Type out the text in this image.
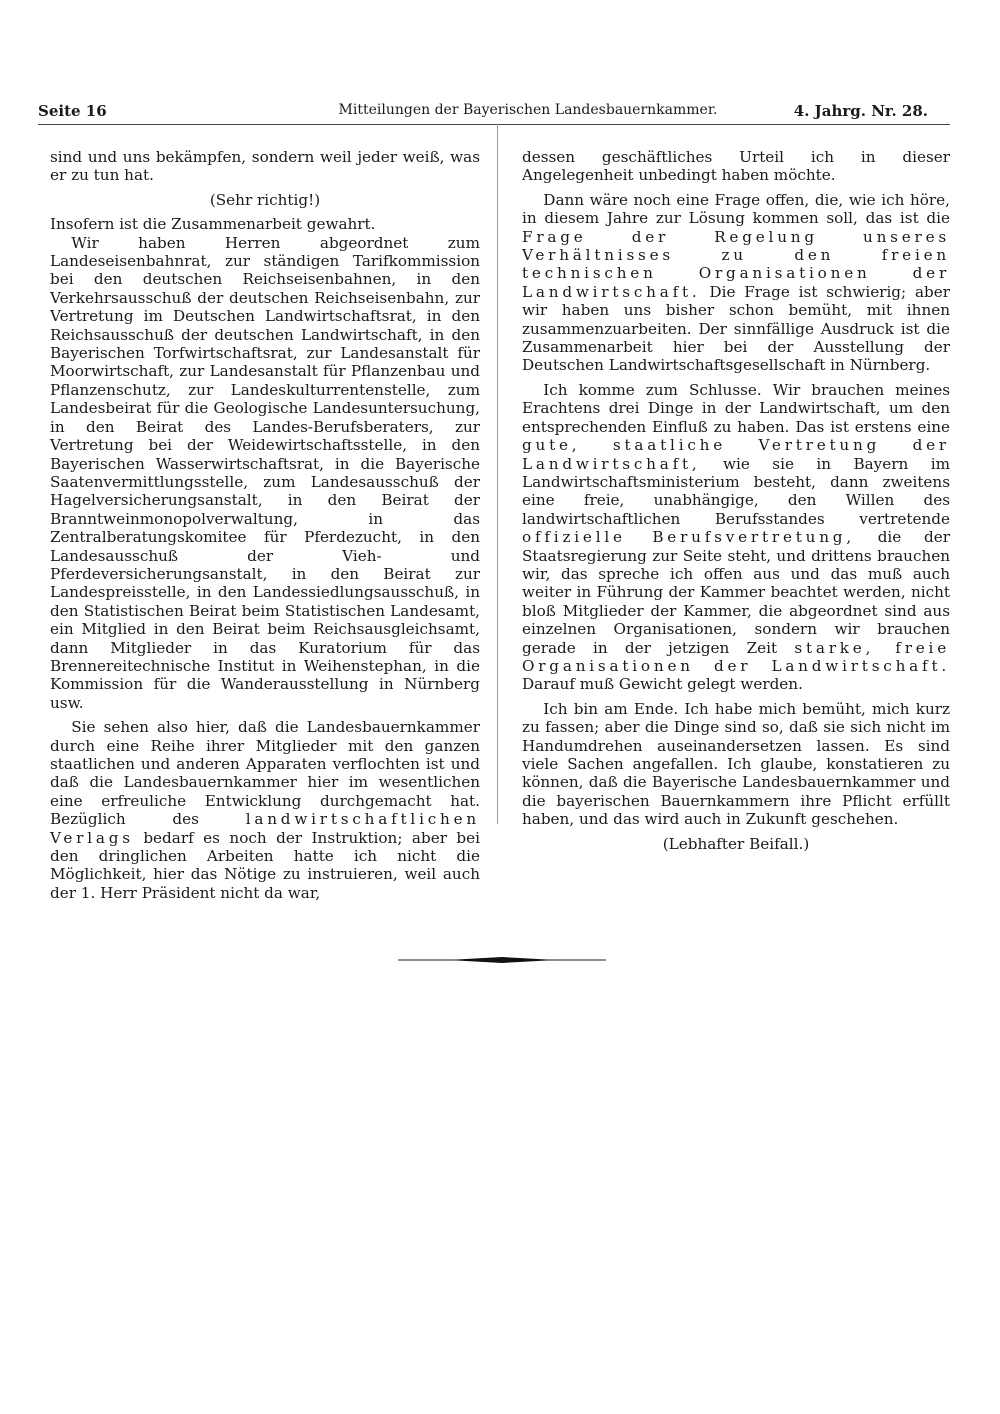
Seite 16	Mitteilungen der Bayerischen Landesbauernkammer.	4. Jahrg. Nr. 28.

sind und uns bekämpfen, sondern weil jeder weiß, was er zu tun hat.

(Sehr richtig!)

Insofern ist die Zusammenarbeit gewahrt.

Wir haben Herren abgeordnet zum Landeseisenbahnrat, zur ständigen Tarifkommission bei den deutschen Reichseisenbahnen, in den Verkehrsausschuß der deutschen Reichseisenbahn, zur Vertretung im Deutschen Landwirtschaftsrat, in den Reichsausschuß der deutschen Landwirtschaft, in den Bayerischen Torfwirtschaftsrat, zur Landesanstalt für Moorwirtschaft, zur Landesanstalt für Pflanzenbau und Pflanzenschutz, zur Landeskulturrentenstelle, zum Landesbeirat für die Geologische Landesuntersuchung, in den Beirat des Landes-Berufsberaters, zur Vertretung bei der Weidewirtschaftsstelle, in den Bayerischen Wasserwirtschaftsrat, in die Bayerische Saatenvermittlungsstelle, zum Landesausschuß der Hagelversicherungsanstalt, in den Beirat der Branntweinmonopolverwaltung, in das Zentralberatungskomitee für Pferdezucht, in den Landesausschuß der Vieh- und Pferdeversicherungsanstalt, in den Beirat zur Landespreisstelle, in den Landessiedlungsausschuß, in den Statistischen Beirat beim Statistischen Landesamt, ein Mitglied in den Beirat beim Reichsausgleichsamt, dann Mitglieder in das Kuratorium für das Brennereitechnische Institut in Weihenstephan, in die Kommission für die Wanderausstellung in Nürnberg usw.

Sie sehen also hier, daß die Landesbauernkammer durch eine Reihe ihrer Mitglieder mit den ganzen staatlichen und anderen Apparaten verflochten ist und daß die Landesbauernkammer hier im wesentlichen eine erfreuliche Entwicklung durchgemacht hat. Bezüglich des	landwirtschaftlichen Verlags bedarf es noch der Instruktion; aber bei den dringlichen Arbeiten hatte ich nicht die Möglichkeit, hier das Nötige zu instruieren, weil auch der 1. Herr Präsident nicht da war,

dessen geschäftliches Urteil ich in dieser Angelegenheit unbedingt haben möchte.

Dann wäre noch eine Frage offen, die, wie ich höre, in diesem Jahre zur Lösung kommen soll, das ist die Frage der Regelung unseres Verhältnisses zu den freien technischen Organisationen der Landwirtschaft. Die Frage ist schwierig; aber wir haben uns bisher schon bemüht, mit ihnen zusammenzuarbeiten. Der sinnfällige Ausdruck ist die Zusammenarbeit hier bei der Ausstellung der Deutschen Landwirtschaftsgesellschaft in Nürnberg.

Ich komme zum Schlusse. Wir brauchen meines Erachtens drei Dinge in der Landwirtschaft, um den entsprechenden Einfluß zu haben. Das ist erstens eine gute, staatliche Vertretung der Landwirtschaft, wie sie in Bayern im Landwirtschaftsministerium besteht, dann zweitens eine freie, unabhängige, den Willen des landwirtschaftlichen Berufsstandes vertretende offizielle Berufsvertretung, die der Staatsregierung zur Seite steht, und drittens brauchen wir, das spreche ich offen aus und das muß auch weiter in Führung der Kammer beachtet werden, nicht bloß Mitglieder der Kammer, die abgeordnet sind aus einzelnen Organisationen, sondern wir brauchen gerade in der jetzigen Zeit starke, freie Organisationen der Landwirtschaft. Darauf muß Gewicht gelegt werden.

Ich bin am Ende. Ich habe mich bemüht, mich kurz zu fassen; aber die Dinge sind so, daß sie sich nicht im Handumdrehen auseinandersetzen lassen. Es sind viele Sachen angefallen. Ich glaube, konstatieren zu können, daß die Bayerische Landesbauernkammer und die bayerischen Bauernkammern ihre Pflicht erfüllt haben, und das wird auch in Zukunft geschehen.

(Lebhafter Beifall.)
